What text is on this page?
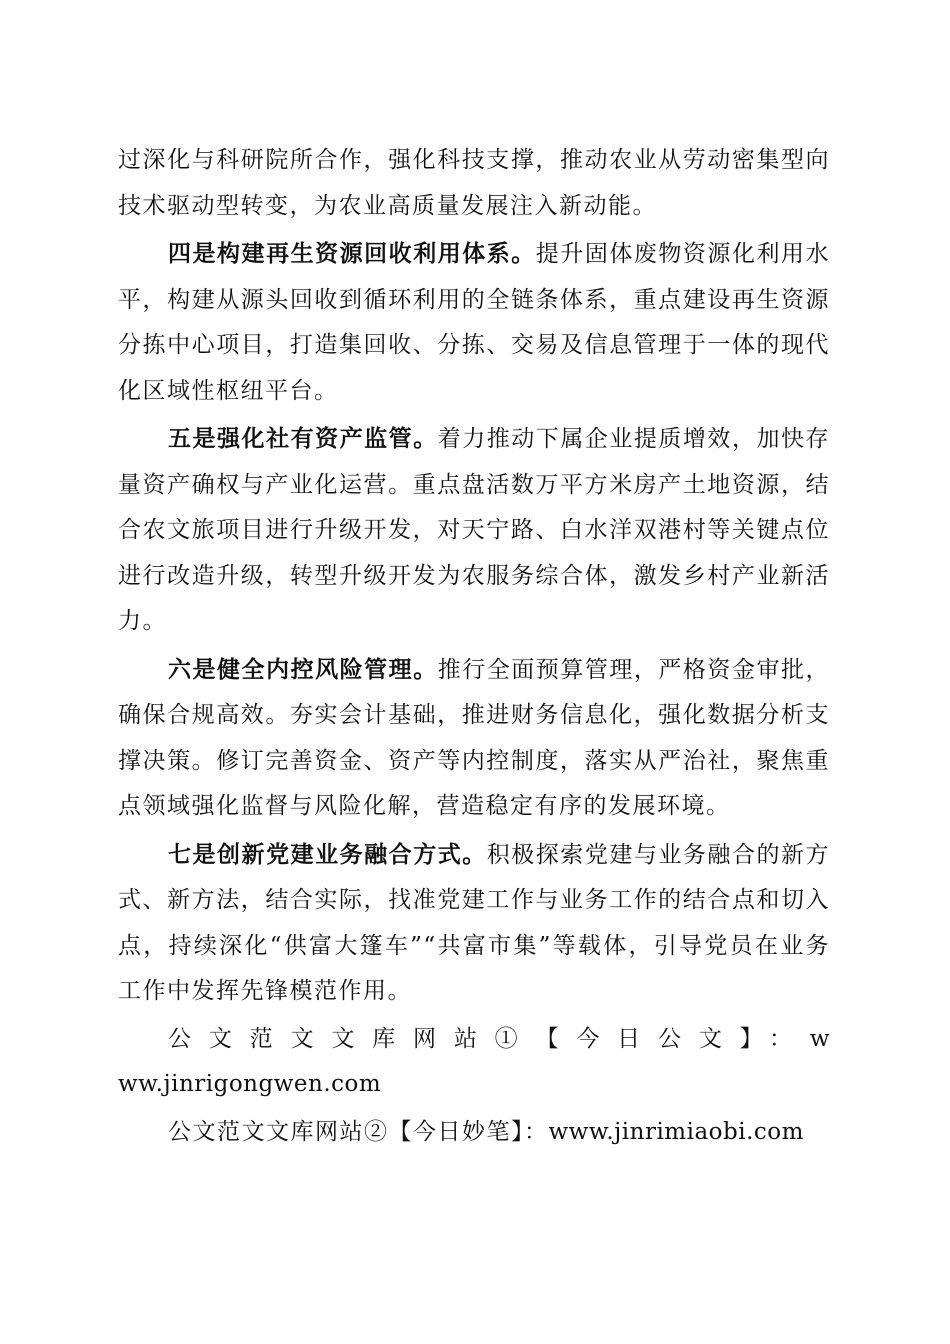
过深化与科研院所合作，强化科技支撑，推动农业从劳动密集型向技术驱动型转变，为农业高质量发展注入新动能。

四是构建再生资源回收利用体系。提升固体废物资源化利用水平，构建从源头回收到循环利用的全链条体系，重点建设再生资源分拣中心项目，打造集回收、分拣、交易及信息管理于一体的现代化区域性枢纽平台。

五是强化社有资产监管。着力推动下属企业提质增效，加快存量资产确权与产业化运营。重点盘活数万平方米房产土地资源，结合农文旅项目进行升级开发，对天宁路、白水洋双港村等关键点位进行改造升级，转型升级开发为农服务综合体，激发乡村产业新活力。

六是健全内控风险管理。推行全面预算管理，严格资金审批，确保合规高效。夯实会计基础，推进财务信息化，强化数据分析支撑决策。修订完善资金、资产等内控制度，落实从严治社，聚焦重点领域强化监督与风险化解，营造稳定有序的发展环境。

七是创新党建业务融合方式。积极探索党建与业务融合的新方式、新方法，结合实际，找准党建工作与业务工作的结合点和切入点，持续深化“供富大篷车”“共富市集”等载体，引导党员在业务工作中发挥先锋模范作用。

公文范文文库网站①【今日公文】：www.jinrigongwen.com

公文范文文库网站②【今日妙笔】：www.jinrimiaobi.com
